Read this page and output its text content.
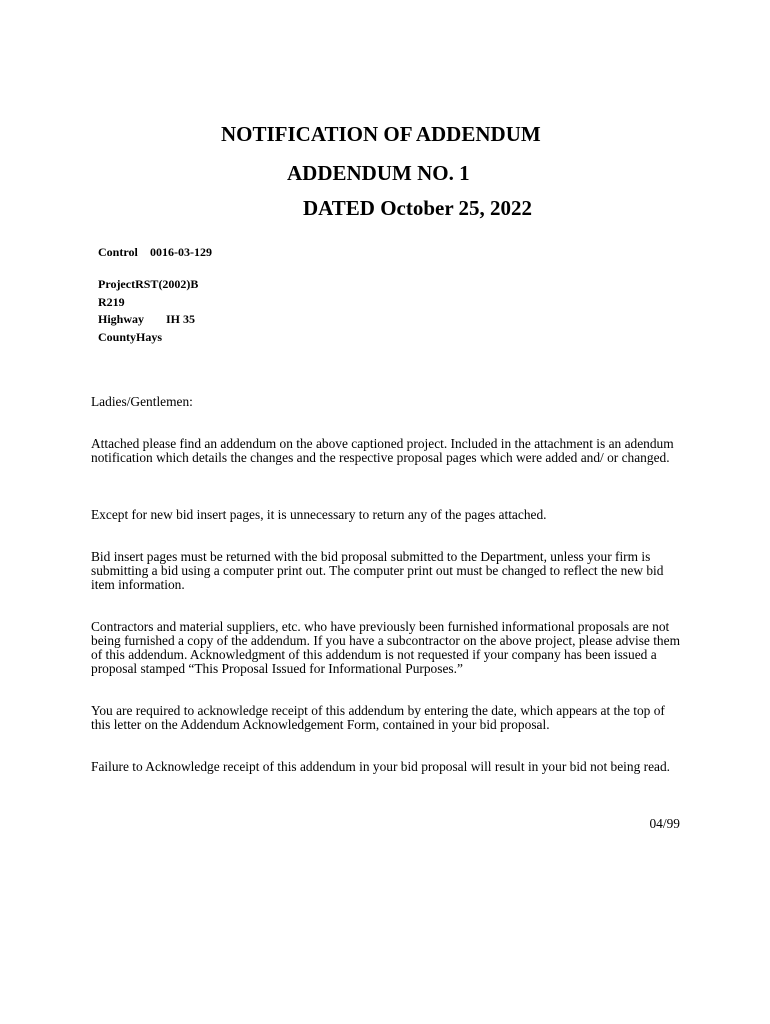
NOTIFICATION OF ADDENDUM
ADDENDUM NO. 1
DATED October 25, 2022
Control 0016-03-129
ProjectRST(2002)B
R219
Highway IH 35
CountyHays

Ladies/Gentlemen:

Attached please find an addendum on the above captioned project. Included in the attachment is an adendum notification which details the changes and the respective proposal pages which were added and/ or changed.

Except for new bid insert pages, it is unnecessary to return any of the pages attached.

Bid insert pages must be returned with the bid proposal submitted to the Department, unless your firm is submitting a bid using a computer print out. The computer print out must be changed to reflect the new bid item information.

Contractors and material suppliers, etc. who have previously been furnished informational proposals are not being furnished a copy of the addendum. If you have a subcontractor on the above project, please advise them of this addendum. Acknowledgment of this addendum is not requested if your company has been issued a proposal stamped “This Proposal Issued for Informational Purposes.”

You are required to acknowledge receipt of this addendum by entering the date, which appears at the top of this letter on the Addendum Acknowledgement Form, contained in your bid proposal.

Failure to Acknowledge receipt of this addendum in your bid proposal will result in your bid not being read.

04/99
